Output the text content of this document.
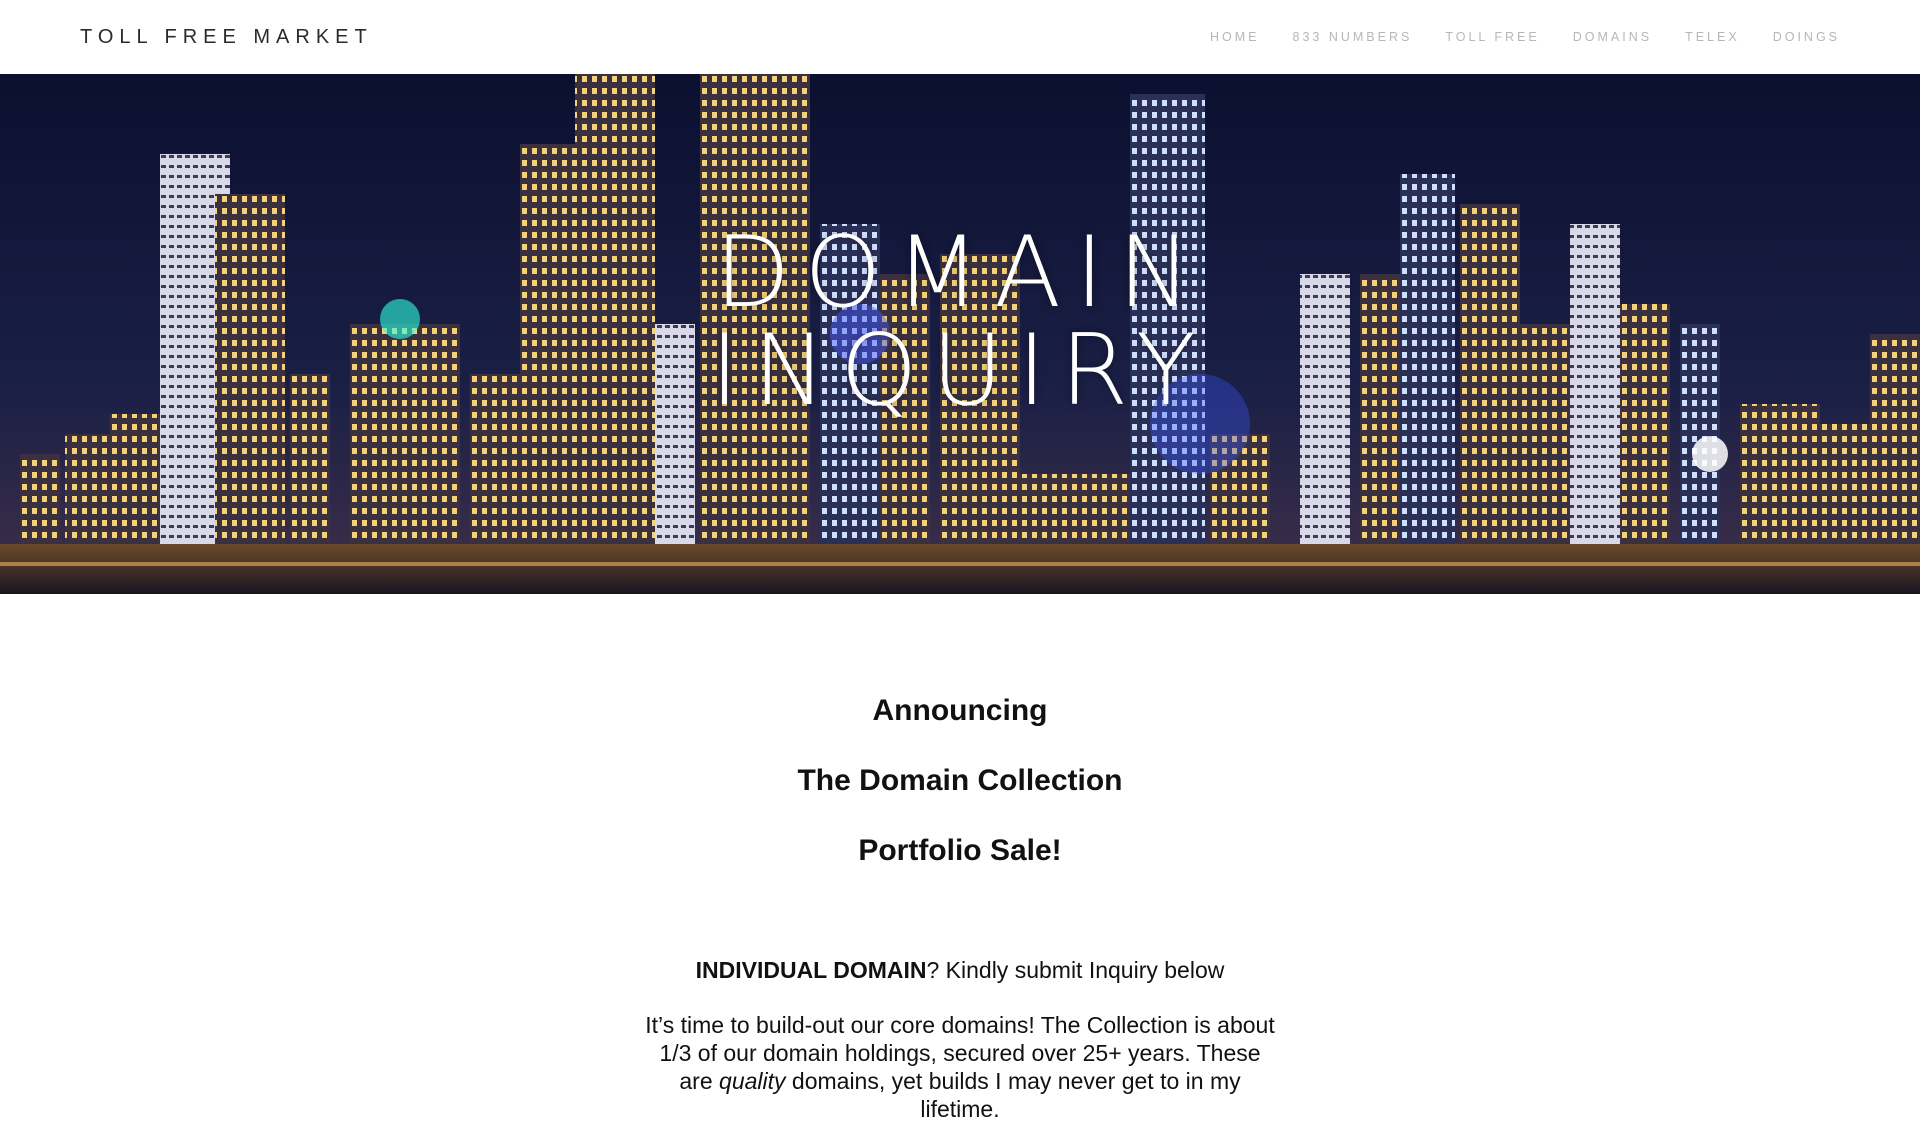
TOLL FREE MARKET	HOME	833 NUMBERS	TOLL FREE	DOMAINS	TELEX	DOINGS
DOMAIN
INQUIRY
Announcing
The Domain Collection
Portfolio Sale!

INDIVIDUAL DOMAIN? Kindly submit Inquiry below

It’s time to build-out our core domains! The Collection is about 1/3 of our domain holdings, secured over 25+ years. These are quality domains, yet builds I may never get to in my lifetime.
